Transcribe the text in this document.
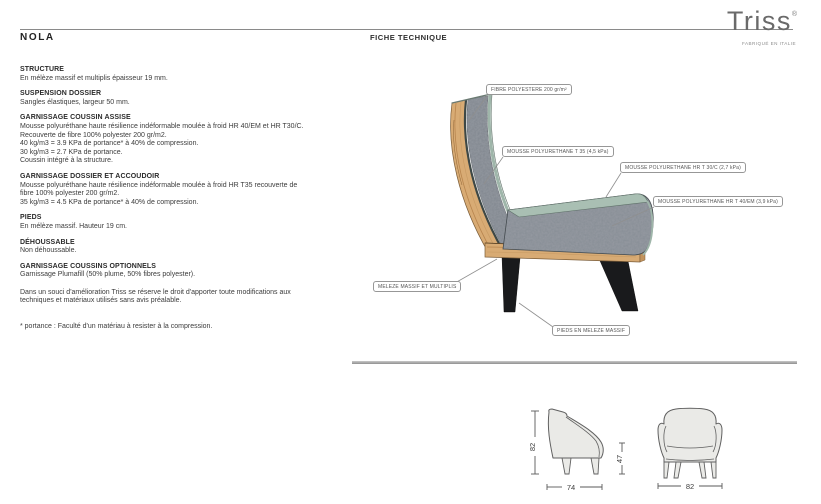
NOLA	FICHE TECHNIQUE
Triss®
FABRIQUÉ EN ITALIE
STRUCTURE

En mélèze massif et multiplis épaisseur 19 mm.

SUSPENSION DOSSIER

Sangles élastiques, largeur 50 mm.

GARNISSAGE COUSSIN ASSISE

Mousse polyuréthane haute résilience indéformable moulée à froid HR 40/EM et HR T30/C.

Recouverte de fibre 100% polyester 200 gr/m2.

40 kg/m3 = 3.9 KPa de portance* à 40% de compression.

30 kg/m3 = 2.7 KPa de portance.

Coussin intégré à la structure.

GARNISSAGE DOSSIER ET ACCOUDOIR

Mousse polyuréthane haute résilience indéformable moulée à froid HR T35 recouverte de fibre 100% polyester 200 gr/m2.

35 kg/m3 = 4.5 KPa de portance* à 40% de compression.

PIEDS

En mélèze massif. Hauteur 19 cm.

DÉHOUSSABLE

Non déhoussable.

GARNISSAGE COUSSINS OPTIONNELS

Garnissage Plumafill (50% plume, 50% fibres polyester).

Dans un souci d'amélioration Triss se réserve le droit d'apporter toute modifications aux techniques et matériaux utilisés sans avis préalable.

* portance : Faculté d'un matériau à resister à la compression.

FIBRE POLYESTERE 200 gr/m²
MOUSSE POLYURETHANE T 35 (4,5 kPa)
MOUSSE POLYURETHANE HR T 30/C (2,7 kPa)
MOUSSE POLYURETHANE HR T 40/EM (3,9 kPa)
MELEZE MASSIF ET MULTIPLIS
PIEDS EN MELEZE MASSIF
82
74
47
82
